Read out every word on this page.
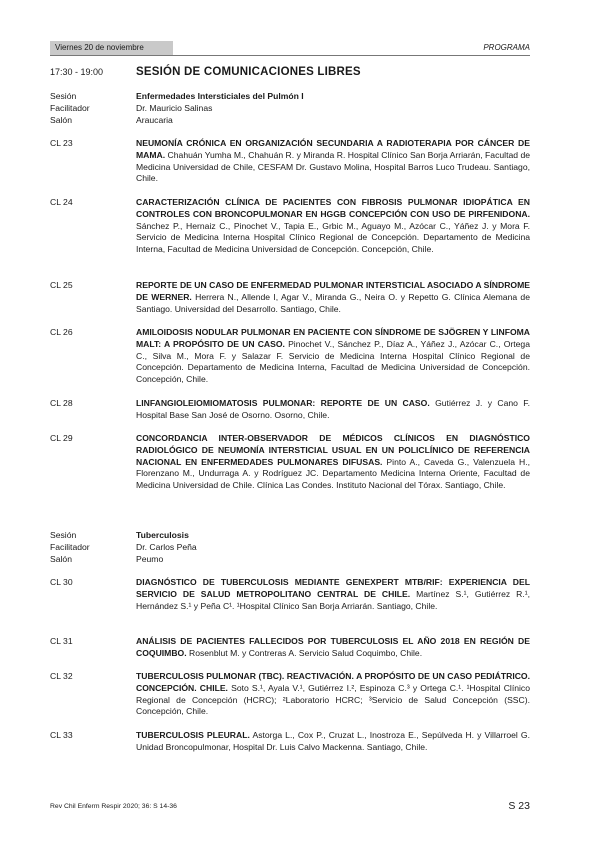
Viernes 20 de noviembre	PROGRAMA
17:30 - 19:00	SESIÓN DE COMUNICACIONES LIBRES
Sesión	Enfermedades Intersticiales del Pulmón I
Facilitador	Dr. Mauricio Salinas
Salón	Araucaria
CL 23	NEUMONÍA CRÓNICA EN ORGANIZACIÓN SECUNDARIA A RADIOTERAPIA POR CÁNCER DE MAMA. Chahuán Yumha M., Chahuán R. y Miranda R. Hospital Clínico San Borja Arriarán, Facultad de Medicina Universidad de Chile, CESFAM Dr. Gustavo Molina, Hospital Barros Luco Trudeau. Santiago, Chile.
CL 24	CARACTERIZACIÓN CLÍNICA DE PACIENTES CON FIBROSIS PULMONAR IDIOPÁTICA EN CONTROLES CON BRONCOPULMONAR EN HGGB CONCEPCIÓN CON USO DE PIRFENIDONA. Sánchez P., Hernaiz C., Pinochet V., Tapia E., Grbic M., Aguayo M., Azócar C., Yáñez J. y Mora F. Servicio de Medicina Interna Hospital Clínico Regional de Concepción. Departamento de Medicina Interna, Facultad de Medicina Universidad de Concepción. Concepción, Chile.
CL 25	REPORTE DE UN CASO DE ENFERMEDAD PULMONAR INTERSTICIAL ASOCIADO A SÍNDROME DE WERNER. Herrera N., Allende I, Agar V., Miranda G., Neira O. y Repetto G. Clínica Alemana de Santiago. Universidad del Desarrollo. Santiago, Chile.
CL 26	AMILOIDOSIS NODULAR PULMONAR EN PACIENTE CON SÍNDROME DE SJÖGREN Y LINFOMA MALT: A PROPÓSITO DE UN CASO. Pinochet V., Sánchez P., Díaz A., Yáñez J., Azócar C., Ortega C., Silva M., Mora F. y Salazar F. Servicio de Medicina Interna Hospital Clínico Regional de Concepción. Departamento de Medicina Interna, Facultad de Medicina Universidad de Concepción. Concepción, Chile.
CL 28	LINFANGIOLEIOMIOMATOSIS PULMONAR: REPORTE DE UN CASO. Gutiérrez J. y Cano F. Hospital Base San José de Osorno. Osorno, Chile.
CL 29	CONCORDANCIA INTER-OBSERVADOR DE MÉDICOS CLÍNICOS EN DIAGNÓSTICO RADIOLÓGICO DE NEUMONÍA INTERSTICIAL USUAL EN UN POLICLÍNICO DE REFERENCIA NACIONAL EN ENFERMEDADES PULMONARES DIFUSAS. Pinto A., Caveda G., Valenzuela H., Florenzano M., Undurraga A. y Rodríguez JC. Departamento Medicina Interna Oriente, Facultad de Medicina Universidad de Chile. Clínica Las Condes. Instituto Nacional del Tórax. Santiago, Chile.
Sesión	Tuberculosis
Facilitador	Dr. Carlos Peña
Salón	Peumo
CL 30	DIAGNÓSTICO DE TUBERCULOSIS MEDIANTE GENEXPERT MTB/RIF: EXPERIENCIA DEL SERVICIO DE SALUD METROPOLITANO CENTRAL DE CHILE. Martínez S.¹, Gutiérrez R.¹, Hernández S.¹ y Peña C¹. ¹Hospital Clínico San Borja Arriarán. Santiago, Chile.
CL 31	ANÁLISIS DE PACIENTES FALLECIDOS POR TUBERCULOSIS EL AÑO 2018 EN REGIÓN DE COQUIMBO. Rosenblut M. y Contreras A. Servicio Salud Coquimbo, Chile.
CL 32	TUBERCULOSIS PULMONAR (TBC). REACTIVACIÓN. A PROPÓSITO DE UN CASO PEDIÁTRICO. CONCEPCIÓN. CHILE. Soto S.¹, Ayala V.¹, Gutiérrez I.², Espinoza C.³ y Ortega C.¹. ¹Hospital Clínico Regional de Concepción (HCRC); ²Laboratorio HCRC; ³Servicio de Salud Concepción (SSC). Concepción, Chile.
CL 33	TUBERCULOSIS PLEURAL. Astorga L., Cox P., Cruzat L., Inostroza E., Sepúlveda H. y Villarroel G. Unidad Broncopulmonar, Hospital Dr. Luis Calvo Mackenna. Santiago, Chile.
Rev Chil Enferm Respir 2020; 36: S 14-36	S 23
